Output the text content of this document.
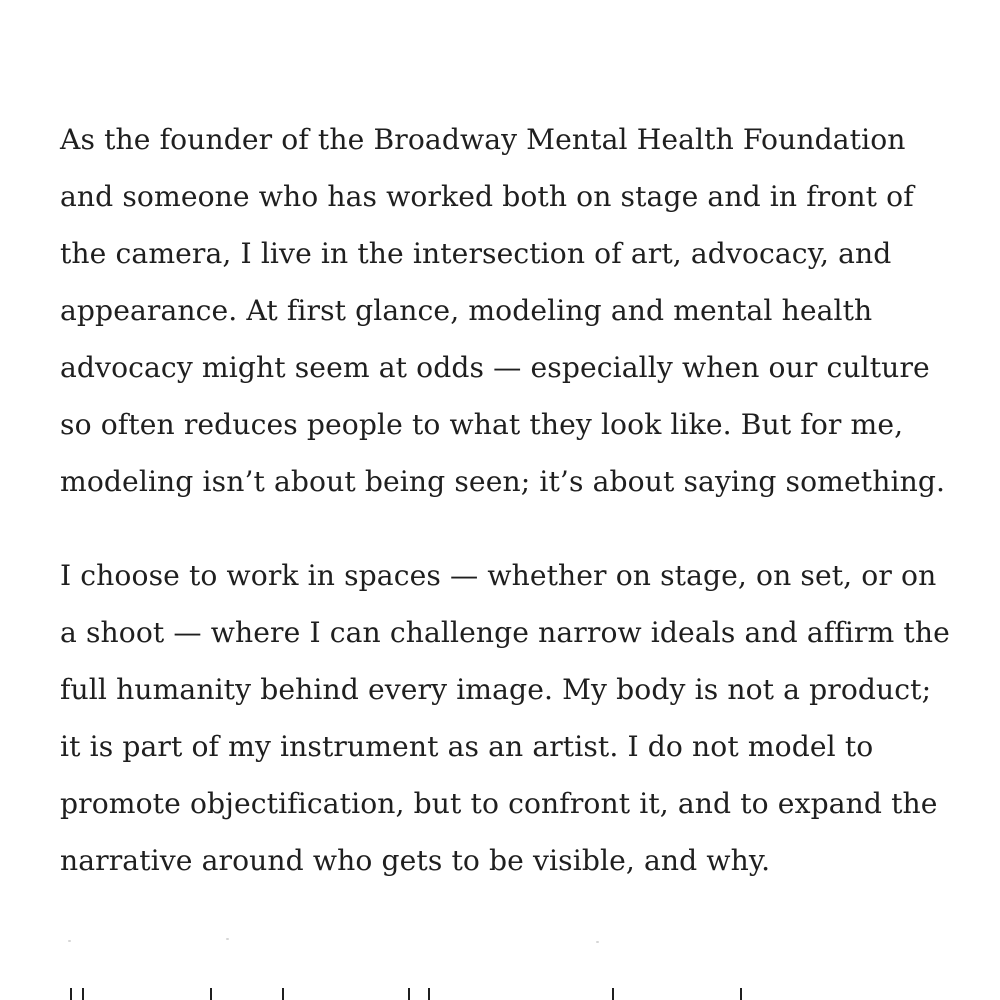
As the founder of the Broadway Mental Health Foundation
and someone who has worked both on stage and in front of
the camera, I live in the intersection of art, advocacy, and
appearance. At first glance, modeling and mental health
advocacy might seem at odds — especially when our culture
so often reduces people to what they look like. But for me,
modeling isn’t about being seen; it’s about saying something.
I choose to work in spaces — whether on stage, on set, or on
a shoot — where I can challenge narrow ideals and affirm the
full humanity behind every image. My body is not a product;
it is part of my instrument as an artist. I do not model to
promote objectification, but to confront it, and to expand the
narrative around who gets to be visible, and why.
